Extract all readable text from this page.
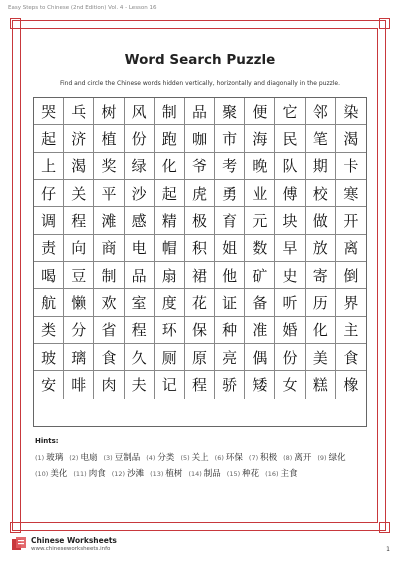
Easy Steps to Chinese (2nd Edition) Vol. 4 - Lesson 16
Word Search Puzzle
Find and circle the Chinese words hidden vertically, horizontally and diagonally in the puzzle.
哭	乓	树	风	制	品	聚	便	它	邻	染
起	济	植	份	跑	咖	市	海	民	笔	渴
上	渴	奖	绿	化	爷	考	晚	队	期	卡
仔	关	平	沙	起	虎	勇	业	傅	校	寒
调	程	滩	感	精	极	育	元	块	做	开
责	向	商	电	帽	积	姐	数	早	放	离
喝	豆	制	品	扇	裙	他	矿	史	寄	倒
航	懒	欢	室	度	花	证	备	听	历	界
类	分	省	程	环	保	种	准	婚	化	主
玻	璃	食	久	厕	原	亮	偶	份	美	食
安	啡	肉	夫	记	程	骄	矮	女	糕	橡
Hints:
(1) 玻璃 (2) 电扇 (3) 豆制品 (4) 分类 (5) 关上 (6) 环保 (7) 积极 (8) 离开 (9) 绿化(10) 美化 (11) 肉食 (12) 沙滩 (13) 植树 (14) 制品 (15) 种花 (16) 主食
Chinese Worksheets
www.chineseworksheets.info	1
